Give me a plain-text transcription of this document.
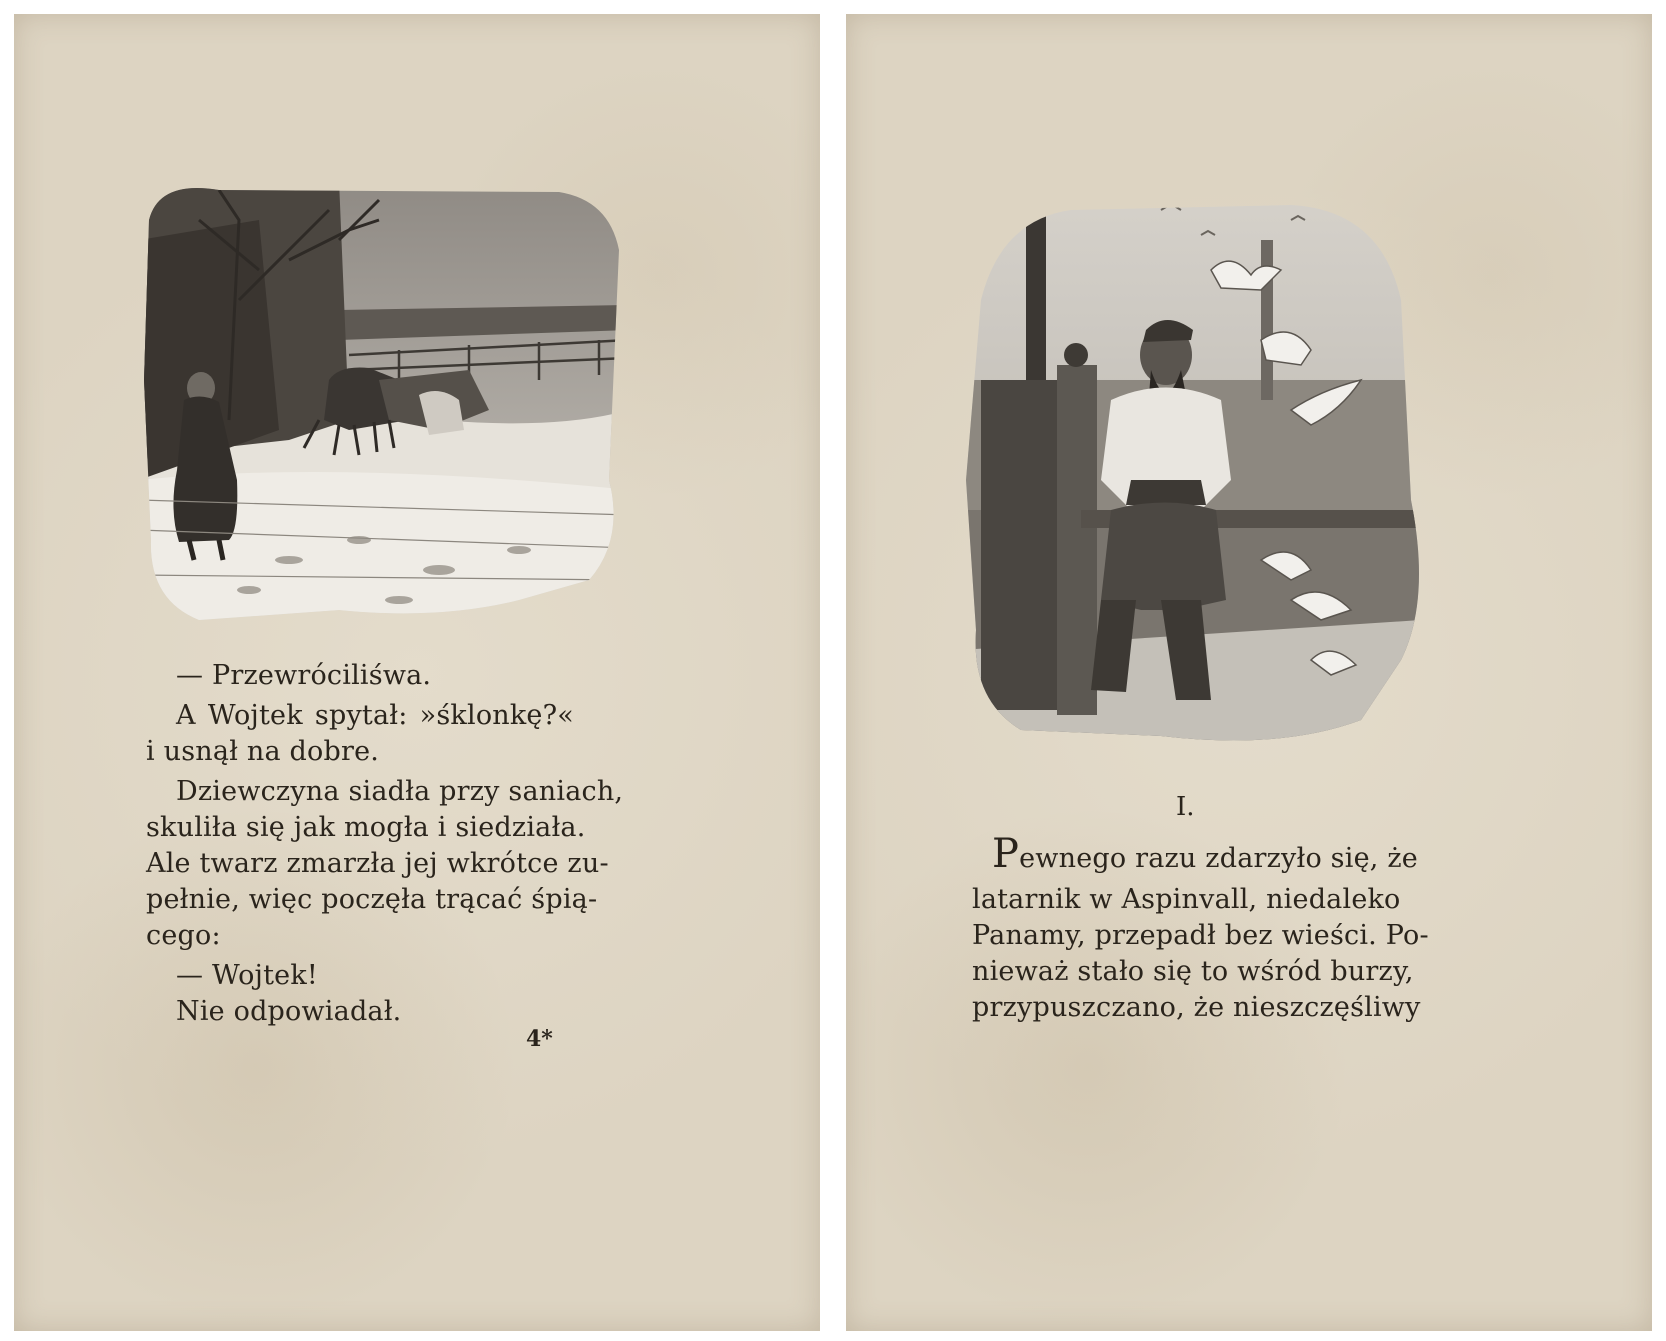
— Przewróciliśwa.
A Wojtek spytał: »śklonkę?«
i usnął na dobre.
Dziewczyna siadła przy saniach,
skuliła się jak mogła i siedziała.
Ale twarz zmarzła jej wkrótce zu-
pełnie, więc poczęła trącać śpią-
cego:
— Wojtek!
Nie odpowiadał.
4*
I.
Pewnego razu zdarzyło się, że
latarnik w Aspinvall, niedaleko
Panamy, przepadł bez wieści. Po-
nieważ stało się to wśród burzy,
przypuszczano, że nieszczęśliwy
